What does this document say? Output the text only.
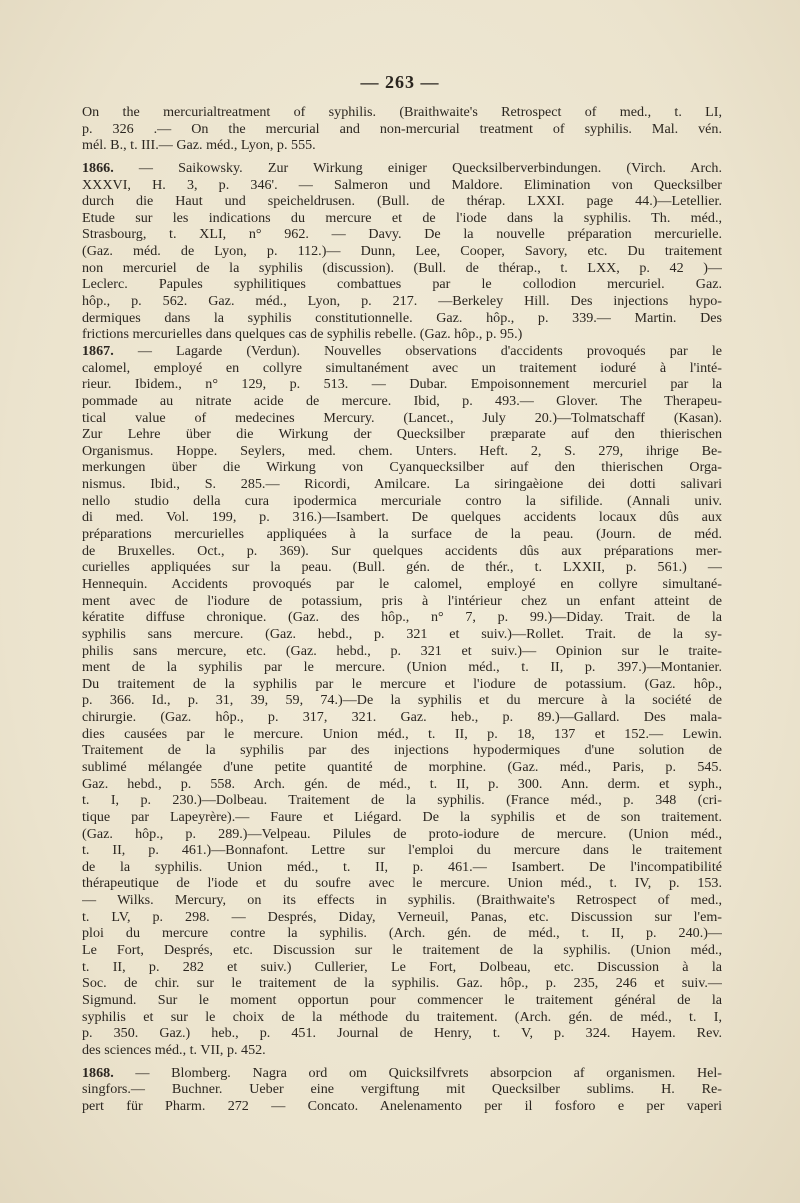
— 263 —
On the mercurialtreatment of syphilis. (Braithwaite's Retrospect of med., t. LI,
p. 326 .— On the mercurial and non-mercurial treatment of syphilis. Mal. vén.
mél. B., t. III.— Gaz. méd., Lyon, p. 555.
1866. — Saikowsky. Zur Wirkung einiger Quecksilberverbindungen. (Virch. Arch.
XXXVI, H. 3, p. 346'. — Salmeron und Maldore. Elimination von Quecksilber
durch die Haut und speicheldrusen. (Bull. de thérap. LXXI. page 44.)—Letellier.
Etude sur les indications du mercure et de l'iode dans la syphilis. Th. méd.,
Strasbourg, t. XLI, n° 962. — Davy. De la nouvelle préparation mercurielle.
(Gaz. méd. de Lyon, p. 112.)— Dunn, Lee, Cooper, Savory, etc. Du traitement
non mercuriel de la syphilis (discussion). (Bull. de thérap., t. LXX, p. 42 )—
Leclerc. Papules syphilitiques combattues par le collodion mercuriel. Gaz.
hôp., p. 562. Gaz. méd., Lyon, p. 217. —Berkeley Hill. Des injections hypo-
dermiques dans la syphilis constitutionnelle. Gaz. hôp., p. 339.— Martin. Des
frictions mercurielles dans quelques cas de syphilis rebelle. (Gaz. hôp., p. 95.)
1867. — Lagarde (Verdun). Nouvelles observations d'accidents provoqués par le
calomel, employé en collyre simultanément avec un traitement ioduré à l'inté-
rieur. Ibidem., n° 129, p. 513. — Dubar. Empoisonnement mercuriel par la
pommade au nitrate acide de mercure. Ibid, p. 493.— Glover. The Therapeu-
tical value of medecines Mercury. (Lancet., July 20.)—Tolmatschaff (Kasan).
Zur Lehre über die Wirkung der Quecksilber præparate auf den thierischen
Organismus. Hoppe. Seylers, med. chem. Unters. Heft. 2, S. 279, ihrige Be-
merkungen über die Wirkung von Cyanquecksilber auf den thierischen Orga-
nismus. Ibid., S. 285.— Ricordi, Amilcare. La siringaèione dei dotti salivari
nello studio della cura ipodermica mercuriale contro la sifilide. (Annali univ.
di med. Vol. 199, p. 316.)—Isambert. De quelques accidents locaux dûs aux
préparations mercurielles appliquées à la surface de la peau. (Journ. de méd.
de Bruxelles. Oct., p. 369). Sur quelques accidents dûs aux préparations mer-
curielles appliquées sur la peau. (Bull. gén. de thér., t. LXXII, p. 561.) —
Hennequin. Accidents provoqués par le calomel, employé en collyre simultané-
ment avec de l'iodure de potassium, pris à l'intérieur chez un enfant atteint de
kératite diffuse chronique. (Gaz. des hôp., n° 7, p. 99.)—Diday. Trait. de la
syphilis sans mercure. (Gaz. hebd., p. 321 et suiv.)—Rollet. Trait. de la sy-
philis sans mercure, etc. (Gaz. hebd., p. 321 et suiv.)— Opinion sur le traite-
ment de la syphilis par le mercure. (Union méd., t. II, p. 397.)—Montanier.
Du traitement de la syphilis par le mercure et l'iodure de potassium. (Gaz. hôp.,
p. 366. Id., p. 31, 39, 59, 74.)—De la syphilis et du mercure à la société de
chirurgie. (Gaz. hôp., p. 317, 321. Gaz. heb., p. 89.)—Gallard. Des mala-
dies causées par le mercure. Union méd., t. II, p. 18, 137 et 152.— Lewin.
Traitement de la syphilis par des injections hypodermiques d'une solution de
sublimé mélangée d'une petite quantité de morphine. (Gaz. méd., Paris, p. 545.
Gaz. hebd., p. 558. Arch. gén. de méd., t. II, p. 300. Ann. derm. et syph.,
t. I, p. 230.)—Dolbeau. Traitement de la syphilis. (France méd., p. 348 (cri-
tique par Lapeyrère).— Faure et Liégard. De la syphilis et de son traitement.
(Gaz. hôp., p. 289.)—Velpeau. Pilules de proto-iodure de mercure. (Union méd.,
t. II, p. 461.)—Bonnafont. Lettre sur l'emploi du mercure dans le traitement
de la syphilis. Union méd., t. II, p. 461.— Isambert. De l'incompatibilité
thérapeutique de l'iode et du soufre avec le mercure. Union méd., t. IV, p. 153.
— Wilks. Mercury, on its effects in syphilis. (Braithwaite's Retrospect of med.,
t. LV, p. 298. — Després, Diday, Verneuil, Panas, etc. Discussion sur l'em-
ploi du mercure contre la syphilis. (Arch. gén. de méd., t. II, p. 240.)—
Le Fort, Després, etc. Discussion sur le traitement de la syphilis. (Union méd.,
t. II, p. 282 et suiv.) Cullerier, Le Fort, Dolbeau, etc. Discussion à la
Soc. de chir. sur le traitement de la syphilis. Gaz. hôp., p. 235, 246 et suiv.—
Sigmund. Sur le moment opportun pour commencer le traitement général de la
syphilis et sur le choix de la méthode du traitement. (Arch. gén. de méd., t. I,
p. 350. Gaz.) heb., p. 451. Journal de Henry, t. V, p. 324. Hayem. Rev.
des sciences méd., t. VII, p. 452.
1868. — Blomberg. Nagra ord om Quicksilfvrets absorpcion af organismen. Hel-
singfors.— Buchner. Ueber eine vergiftung mit Quecksilber sublims. H. Re-
pert für Pharm. 272 — Concato. Anelenamento per il fosforo e per vaperi
